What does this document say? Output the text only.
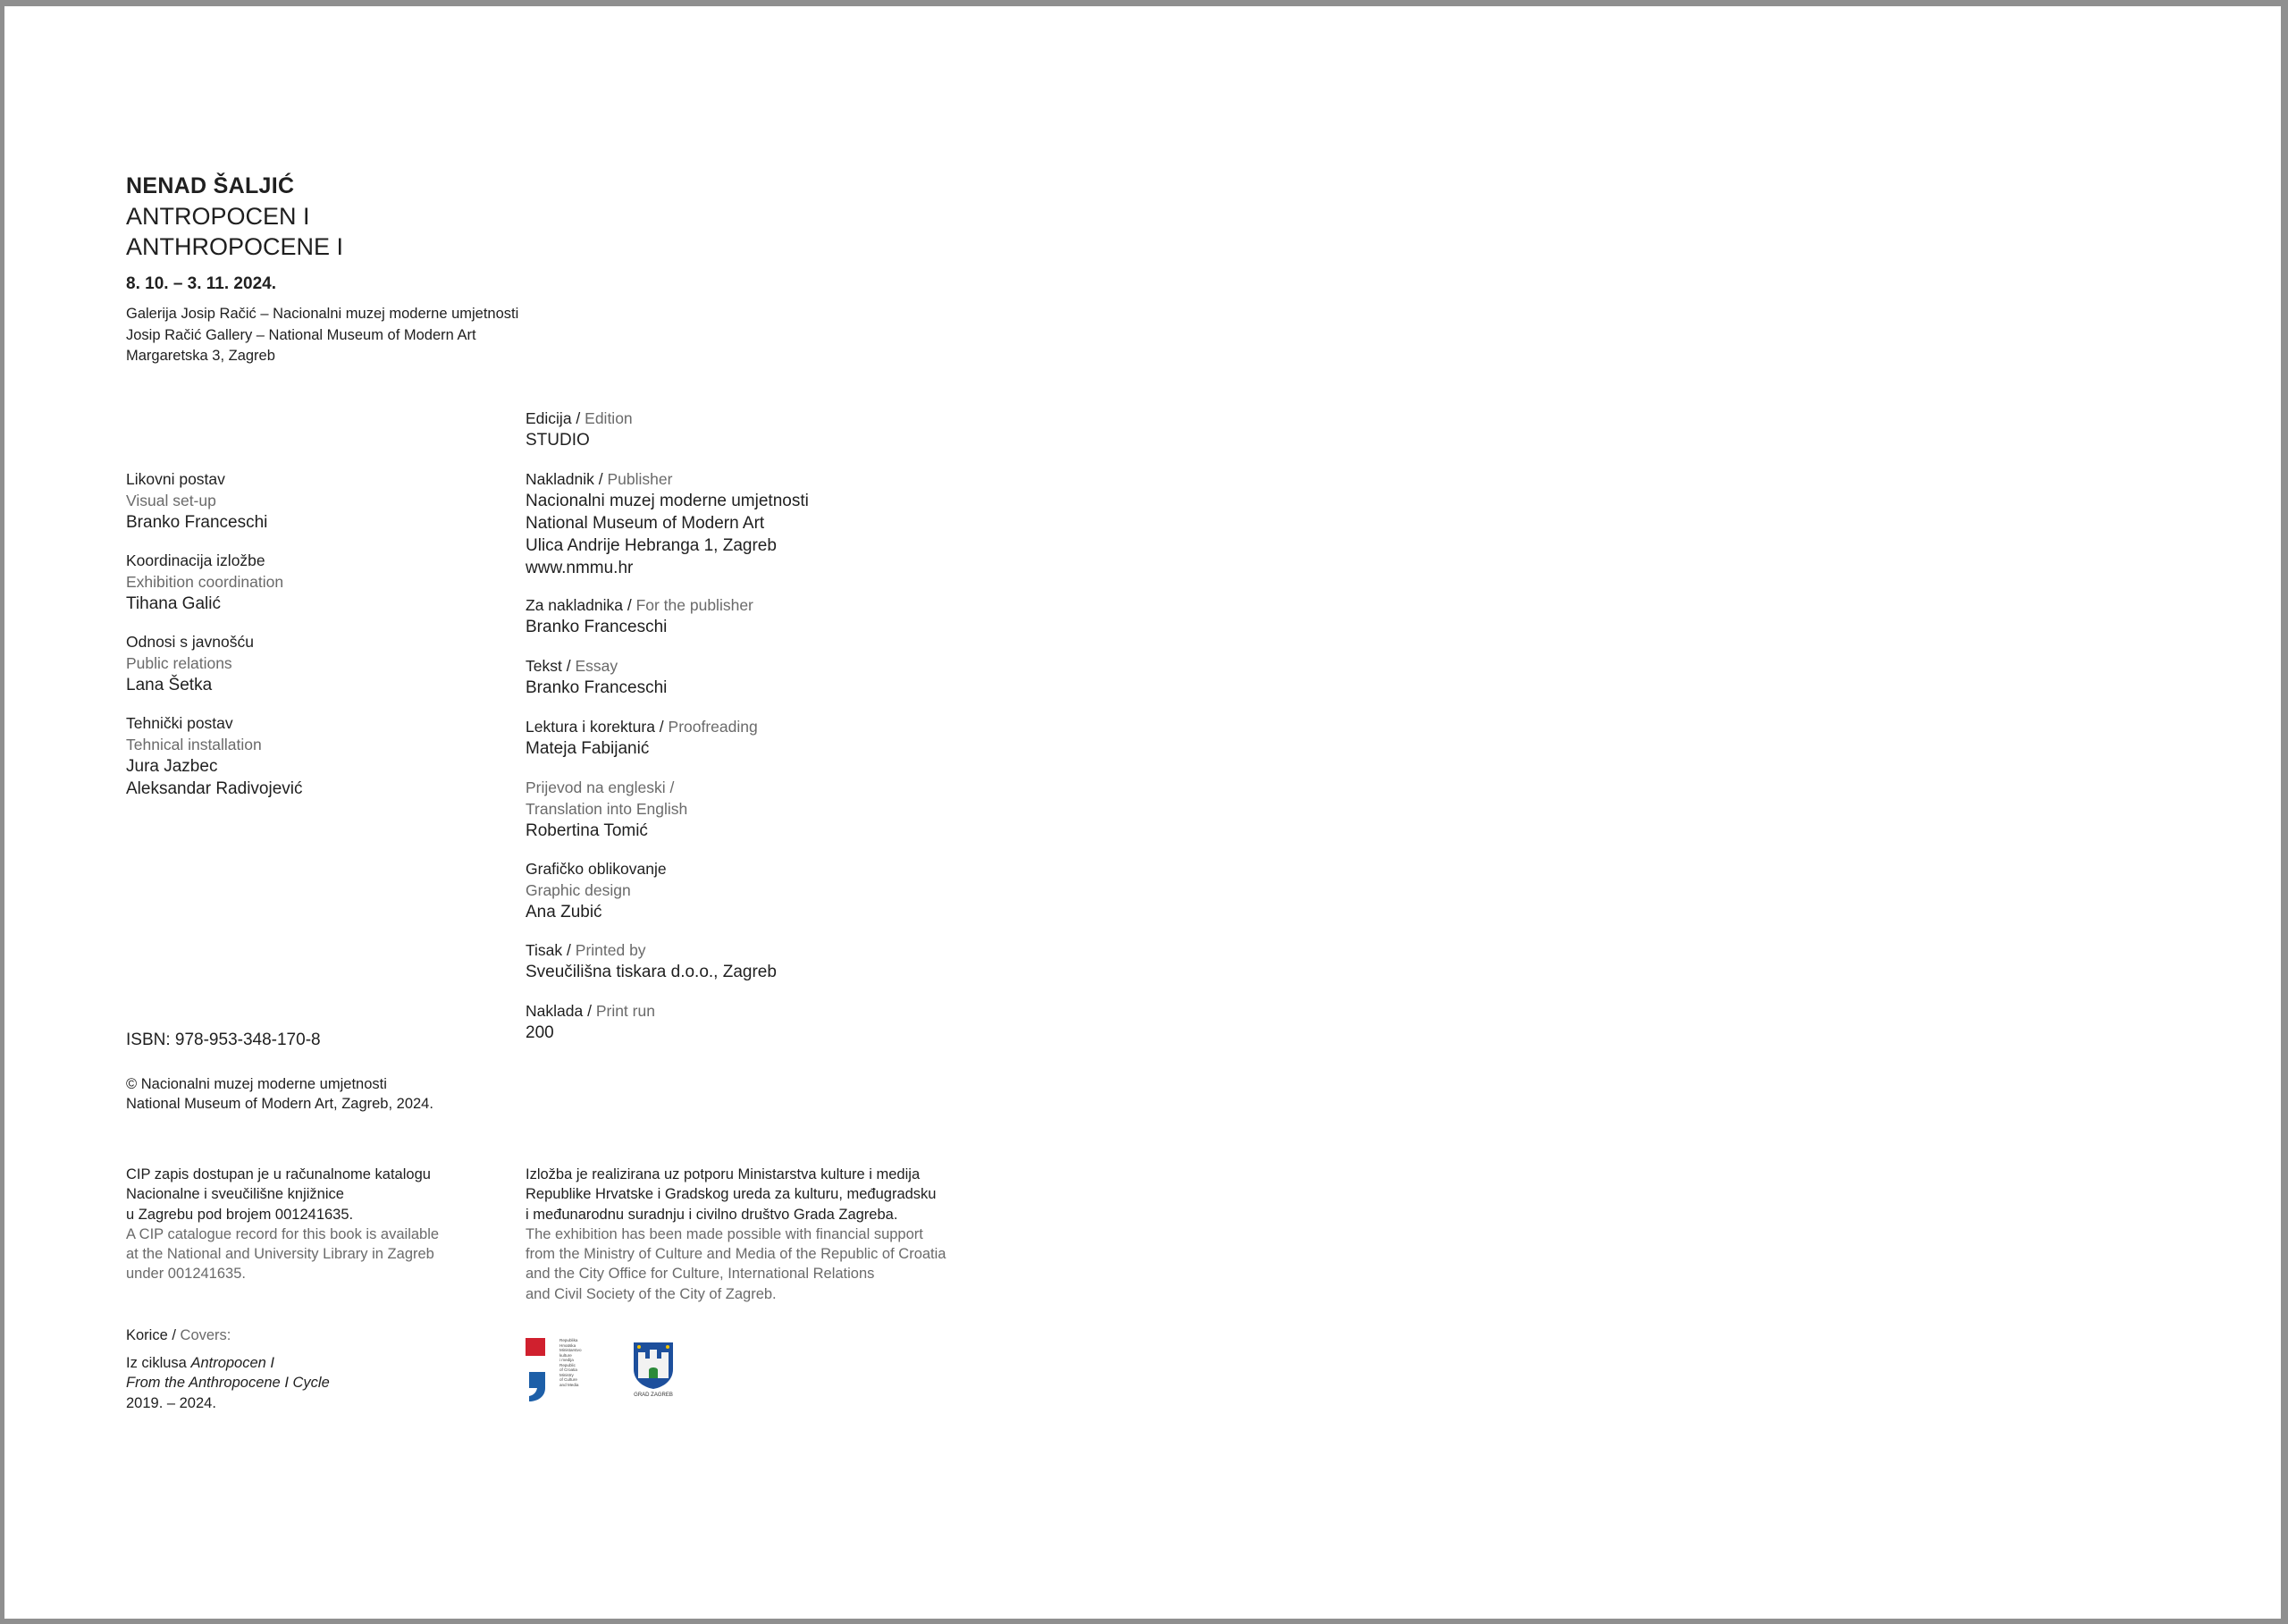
NENAD ŠALJIĆ
ANTROPOCEN I
ANTHROPOCENE I
8. 10. – 3. 11. 2024.
Galerija Josip Račić – Nacionalni muzej moderne umjetnosti
Josip Račić Gallery – National Museum of Modern Art
Margaretska 3, Zagreb
Likovni postav
Visual set-up
Branko Franceschi
Koordinacija izložbe
Exhibition coordination
Tihana Galić
Odnosi s javnošću
Public relations
Lana Šetka
Tehnički postav
Tehnical installation
Jura Jazbec
Aleksandar Radivojević
Edicija / Edition
STUDIO
Nakladnik / Publisher
Nacionalni muzej moderne umjetnosti
National Museum of Modern Art
Ulica Andrije Hebranga 1, Zagreb
www.nmmu.hr
Za nakladnika / For the publisher
Branko Franceschi
Tekst / Essay
Branko Franceschi
Lektura i korektura / Proofreading
Mateja Fabijanić
Prijevod na engleski /
Translation into English
Robertina Tomić
Grafičko oblikovanje
Graphic design
Ana Zubić
Tisak / Printed by
Sveučilišna tiskara d.o.o., Zagreb
Naklada / Print run
200
ISBN: 978-953-348-170-8
© Nacionalni muzej moderne umjetnosti
National Museum of Modern Art, Zagreb, 2024.
CIP zapis dostupan je u računalnome katalogu
Nacionalne i sveučilišne knjižnice
u Zagrebu pod brojem 001241635.
A CIP catalogue record for this book is available
at the National and University Library in Zagreb
under 001241635.
Korice / Covers:
Iz ciklusa Antropocen I
From the Anthropocene I Cycle
2019. – 2024.
Izložba je realizirana uz potporu Ministarstva kulture i medija
Republike Hrvatske i Gradskog ureda za kulturu, međugradsku
i međunarodnu suradnju i civilno društvo Grada Zagreba.
The exhibition has been made possible with financial support
from the Ministry of Culture and Media of the Republic of Croatia
and the City Office for Culture, International Relations
and Civil Society of the City of Zagreb.
Republika
Hrvatska
Ministarstvo
kulture
i medija
Republic
of Croatia
Ministry
of Culture
and Media
GRAD ZAGREB
